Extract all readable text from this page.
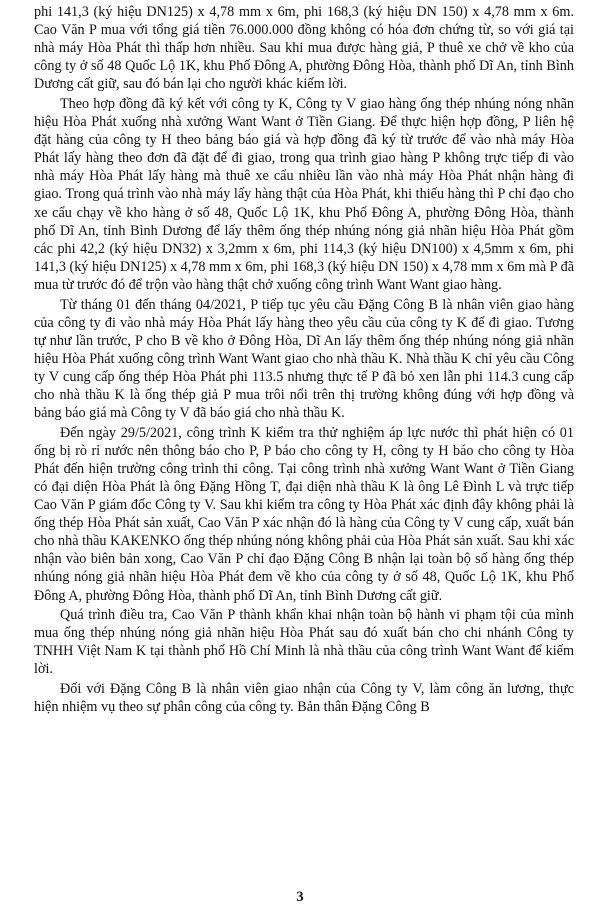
phi 141,3 (ký hiệu DN125) x 4,78 mm x 6m, phi 168,3 (ký hiệu DN 150) x 4,78 mm x 6m. Cao Văn P mua với tổng giá tiền 76.000.000 đồng không có hóa đơn chứng từ, so với giá tại nhà máy Hòa Phát thì thấp hơn nhiều. Sau khi mua được hàng giả, P thuê xe chở về kho của công ty ở số 48 Quốc Lộ 1K, khu Phố Đông A, phường Đông Hòa, thành phố Dĩ An, tỉnh Bình Dương cất giữ, sau đó bán lại cho người khác kiếm lời.

Theo hợp đồng đã ký kết với công ty K, Công ty V giao hàng ống thép nhúng nóng nhãn hiệu Hòa Phát xuống nhà xưởng Want Want ở Tiền Giang. Để thực hiện hợp đồng, P liên hệ đặt hàng của công ty H theo bảng báo giá và hợp đồng đã ký từ trước để vào nhà máy Hòa Phát lấy hàng theo đơn đã đặt để đi giao, trong qua trình giao hàng P không trực tiếp đi vào nhà máy Hòa Phát lấy hàng mà thuê xe cẩu nhiều lần vào nhà máy Hòa Phát nhận hàng đi giao. Trong quá trình vào nhà máy lấy hàng thật của Hòa Phát, khi thiếu hàng thì P chỉ đạo cho xe cẩu chạy về kho hàng ở số 48, Quốc Lộ 1K, khu Phố Đông A, phường Đông Hòa, thành phố Dĩ An, tỉnh Bình Dương để lấy thêm ống thép nhúng nóng giả nhãn hiệu Hòa Phát gồm các phi 42,2 (ký hiệu DN32) x 3,2mm x 6m, phi 114,3 (ký hiệu DN100) x 4,5mm x 6m, phi 141,3 (ký hiệu DN125) x 4,78 mm x 6m, phi 168,3 (ký hiệu DN 150) x 4,78 mm x 6m mà P đã mua từ trước đó để trộn vào hàng thật chở xuống công trình Want Want giao hàng.

Từ tháng 01 đến tháng 04/2021, P tiếp tục yêu cầu Đặng Công B là nhân viên giao hàng của công ty đi vào nhà máy Hòa Phát lấy hàng theo yêu cầu của công ty K để đi giao. Tương tự như lần trước, P cho B về kho ở Đông Hòa, Dĩ An lấy thêm ống thép nhúng nóng giả nhãn hiệu Hòa Phát xuống công trình Want Want giao cho nhà thầu K. Nhà thầu K chỉ yêu cầu Công ty V cung cấp ống thép Hòa Phát phi 113.5 nhưng thực tế P đã bỏ xen lẫn phi 114.3 cung cấp cho nhà thầu K là ống thép giả P mua trôi nổi trên thị trường không đúng với hợp đồng và bảng báo giá mà Công ty V đã báo giá cho nhà thầu K.

Đến ngày 29/5/2021, công trình K kiểm tra thử nghiệm áp lực nước thì phát hiện có 01 ống bị rò rỉ nước nên thông báo cho P, P báo cho công ty H, công ty H báo cho công ty Hòa Phát đến hiện trường công trình thi công. Tại công trình nhà xưởng Want Want ở Tiền Giang có đại diện Hòa Phát là ông Đặng Hồng T, đại diện nhà thầu K là ông Lê Đình L và trực tiếp Cao Văn P giám đốc Công ty V. Sau khi kiểm tra công ty Hòa Phát xác định đây không phải là ống thép Hòa Phát sản xuất, Cao Văn P xác nhận đó là hàng của Công ty V cung cấp, xuất bán cho nhà thầu KAKENKO ống thép nhúng nóng không phải của Hòa Phát sản xuất. Sau khi xác nhận vào biên bản xong, Cao Văn P chỉ đạo Đặng Công B nhận lại toàn bộ số hàng ống thép nhúng nóng giả nhãn hiệu Hòa Phát đem về kho của công ty ở số 48, Quốc Lộ 1K, khu Phố Đông A, phường Đông Hòa, thành phố Dĩ An, tỉnh Bình Dương cất giữ.

Quá trình điều tra, Cao Văn P thành khẩn khai nhận toàn bộ hành vi phạm tội của mình mua ống thép nhúng nóng giả nhãn hiệu Hòa Phát sau đó xuất bán cho chi nhánh Công ty TNHH Việt Nam K tại thành phố Hồ Chí Minh là nhà thầu của công trình Want Want để kiếm lời.

Đối với Đặng Công B là nhân viên giao nhận của Công ty V, làm công ăn lương, thực hiện nhiệm vụ theo sự phân công của công ty. Bản thân Đặng Công B

3
